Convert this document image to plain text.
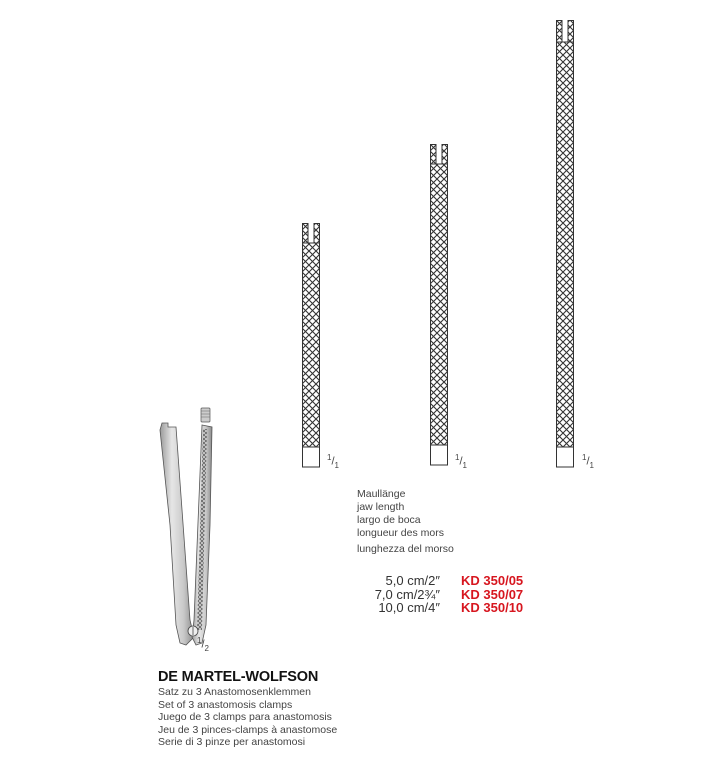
$^1/_2$
$^1/_1$
$^1/_1$
$^1/_1$
Maullänge
jaw length
largo de boca
longueur des mors
lunghezza del morso
5,0 cm/2″ KD 350/05
7,0 cm/2¾″ KD 350/07
10,0 cm/4″ KD 350/10
DE MARTEL-WOLFSON
Satz zu 3 Anastomosenklemmen
Set of 3 anastomosis clamps
Juego de 3 clamps para anastomosis
Jeu de 3 pinces-clamps à anastomose
Serie di 3 pinze per anastomosi
